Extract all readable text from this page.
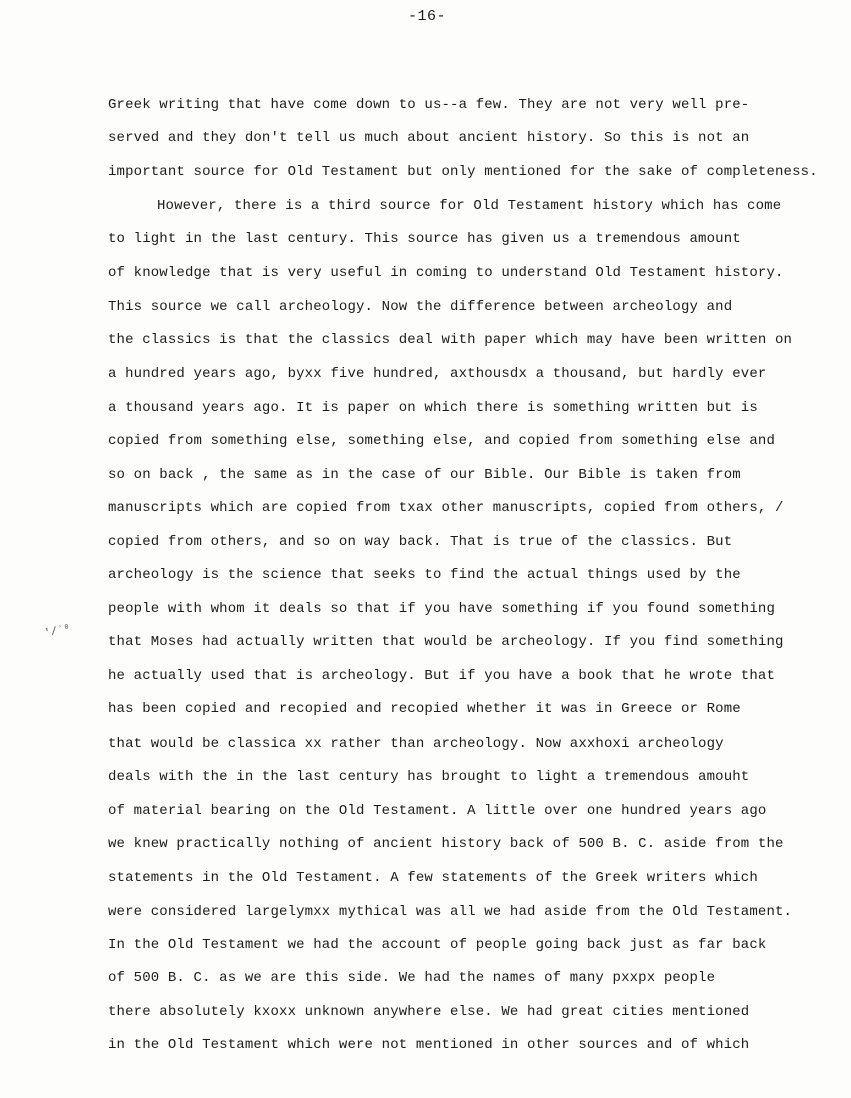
-16-
'/ʾ⁰
Greek writing that have come down to us--a few. They are not very well pre-
served and they don't tell us much about ancient history. So this is not an
important source for Old Testament but only mentioned for the sake of completeness.
However, there is a third source for Old Testament history which has come
to light in the last century. This source has given us a tremendous amount
of knowledge that is very useful in coming to understand Old Testament history.
This source we call archeology. Now the difference between archeology and
the classics is that the classics deal with paper which may have been written on
a hundred years ago, byxx five hundred, axthousdx a thousand, but hardly ever
a thousand years ago. It is paper on which there is something written but is
copied from something else, something else, and copied from something else and
so on back , the same as in the case of our Bible. Our Bible is taken from
manuscripts which are copied from txax other manuscripts, copied from others, /
copied from others, and so on way back. That is true of the classics. But
archeology is the science that seeks to find the actual things used by the
people with whom it deals so that if you have something if you found something
that Moses had actually written that would be archeology. If you find something
he actually used that is archeology. But if you have a book that he wrote that
has been copied and recopied and recopied whether it was in Greece or Rome
that would be classica xx rather than archeology. Now axxhoxi archeology
deals with the in the last century has brought to light a tremendous amouht
of material bearing on the Old Testament. A little over one hundred years ago
we knew practically nothing of ancient history back of 500 B. C. aside from the
statements in the Old Testament. A few statements of the Greek writers which
were considered largelymxx mythical was all we had aside from the Old Testament.
In the Old Testament we had the account of people going back just as far back
of 500 B. C. as we are this side. We had the names of many pxxpx people
there absolutely kxoxx unknown anywhere else. We had great cities mentioned
in the Old Testament which were not mentioned in other sources and of which
